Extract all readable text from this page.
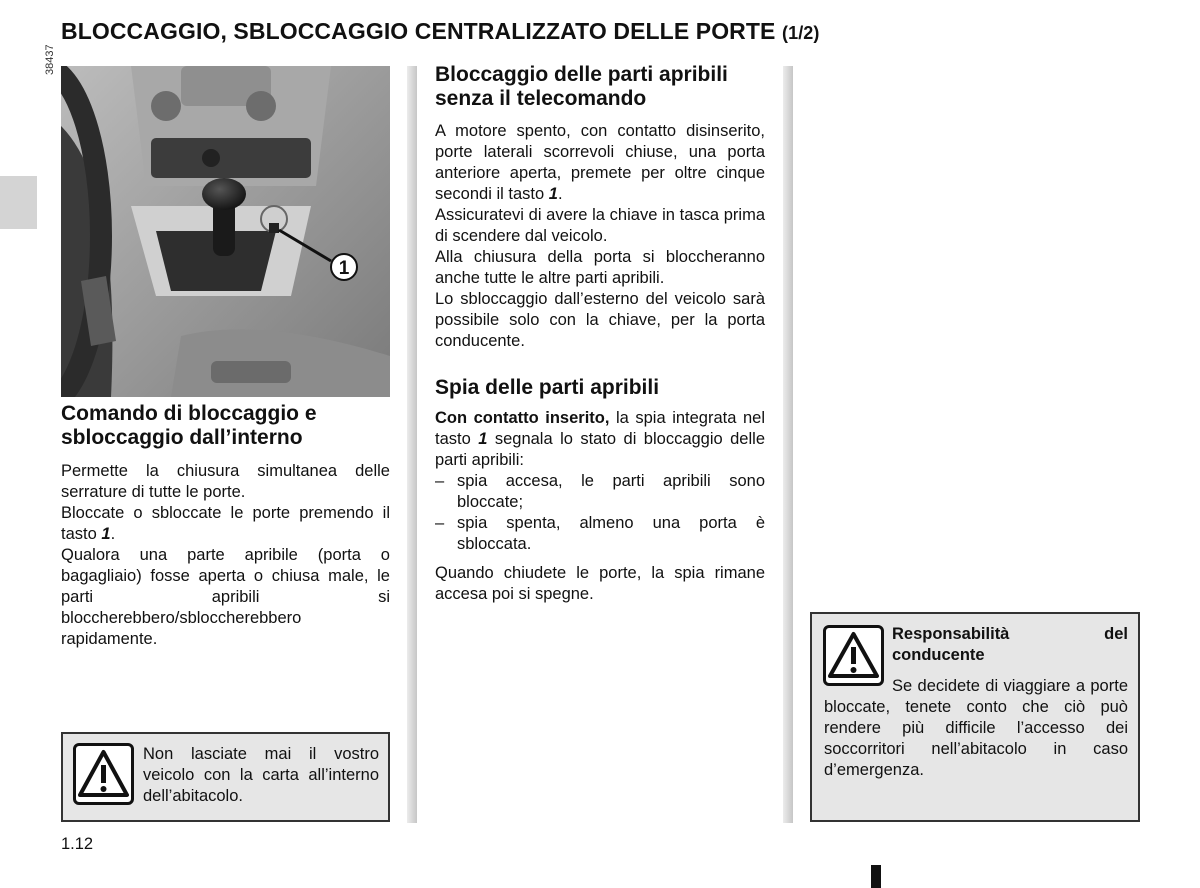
BLOCCAGGIO, SBLOCCAGGIO CENTRALIZZATO DELLE PORTE (1/2)
38437
1
Comando di bloccaggio e sbloccaggio dall’interno

Permette la chiusura simultanea delle serrature di tutte le porte.

Bloccate o sbloccate le porte premendo il tasto 1.

Qualora una parte apribile (porta o bagagliaio) fosse aperta o chiusa male, le parti apribili si bloccherebbero/sbloccherebbero rapidamente.

Non lasciate mai il vostro veicolo con la carta all’interno dell’abitacolo.
Bloccaggio delle parti apribili senza il telecomando

A motore spento, con contatto disinserito, porte laterali scorrevoli chiuse, una porta anteriore aperta, premete per oltre cinque secondi il tasto 1.

Assicuratevi di avere la chiave in tasca prima di scendere dal veicolo.

Alla chiusura della porta si bloccheranno anche tutte le altre parti apribili.

Lo sbloccaggio dall’esterno del veicolo sarà possibile solo con la chiave, per la porta conducente.

Spia delle parti apribili

Con contatto inserito, la spia integrata nel tasto 1 segnala lo stato di bloccaggio delle parti apribili:

– spia accesa, le parti apribili sono bloccate;
– spia spenta, almeno una porta è sbloccata.

Quando chiudete le porte, la spia rimane accesa poi si spegne.

Responsabilità del conducente
Se decidete di viaggiare a porte bloccate, tenete conto che ciò può rendere più difficile l’accesso dei soccorritori nell’abitacolo in caso d’emergenza.
1.12
